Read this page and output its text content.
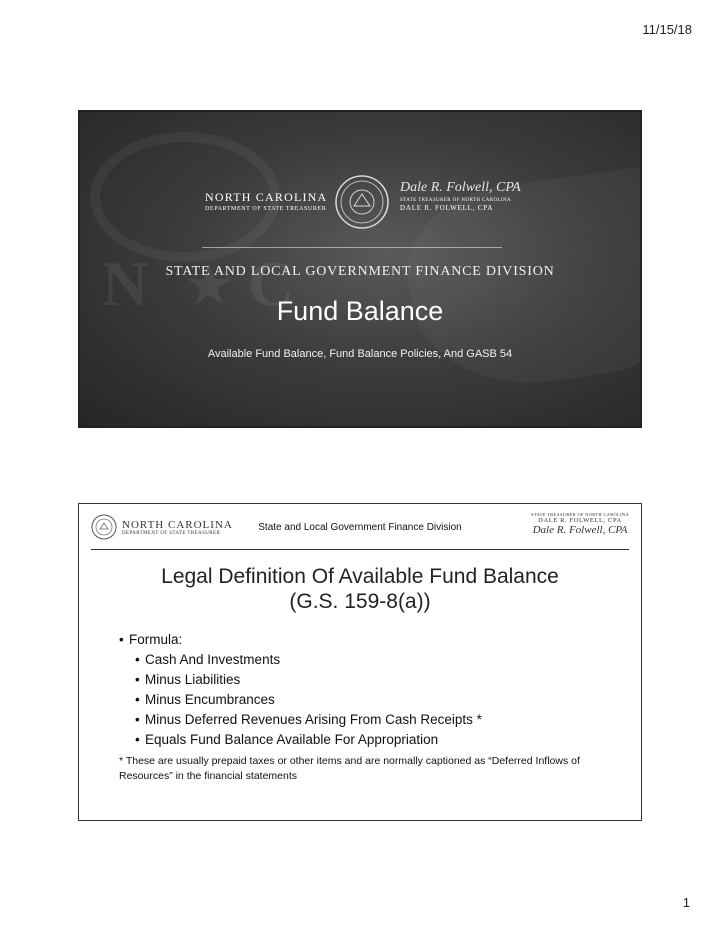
11/15/18
N ★ C
NORTH CAROLINA
DEPARTMENT OF STATE TREASURER
Dale R. Folwell, CPA
STATE TREASURER OF NORTH CAROLINA
DALE R. FOLWELL, CPA
STATE AND LOCAL GOVERNMENT FINANCE DIVISION
Fund Balance
Available Fund Balance, Fund Balance Policies, And GASB 54
NORTH CAROLINA
DEPARTMENT OF STATE TREASURER	State and Local Government Finance Division
STATE TREASURER OF NORTH CAROLINA
DALE R. FOLWELL, CPA
Dale R. Folwell, CPA
Legal Definition Of Available Fund Balance
(G.S. 159-8(a))
• Formula:
• Cash And Investments
• Minus Liabilities
• Minus Encumbrances
• Minus Deferred Revenues Arising From Cash Receipts *
• Equals Fund Balance Available For Appropriation
* These are usually prepaid taxes or other items and are normally captioned as “Deferred Inflows of Resources” in the financial statements
1
